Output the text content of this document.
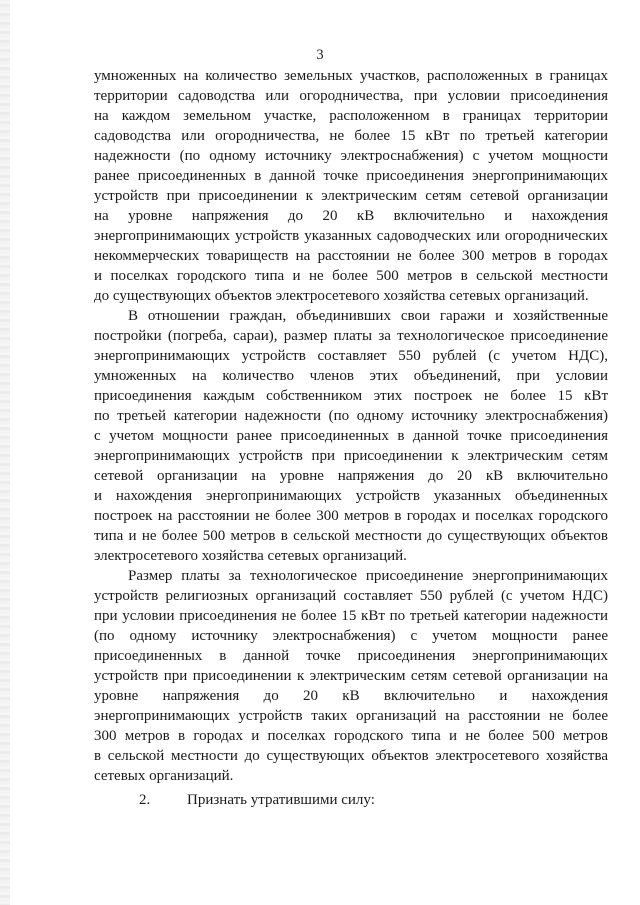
3
умноженных на количество земельных участков, расположенных в границах
территории садоводства или огородничества, при условии присоединения
на каждом земельном участке, расположенном в границах территории
садоводства или огородничества, не более 15 кВт по третьей категории
надежности (по одному источнику электроснабжения) с учетом мощности
ранее присоединенных в данной точке присоединения энергопринимающих
устройств при присоединении к электрическим сетям сетевой организации
на уровне напряжения до 20 кВ включительно и нахождения
энергопринимающих устройств указанных садоводческих или огороднических
некоммерческих товариществ на расстоянии не более 300 метров в городах
и поселках городского типа и не более 500 метров в сельской местности
до существующих объектов электросетевого хозяйства сетевых организаций.
В отношении граждан, объединивших свои гаражи и хозяйственные
постройки (погреба, сараи), размер платы за технологическое присоединение
энергопринимающих устройств составляет 550 рублей (с учетом НДС),
умноженных на количество членов этих объединений, при условии
присоединения каждым собственником этих построек не более 15 кВт
по третьей категории надежности (по одному источнику электроснабжения)
с учетом мощности ранее присоединенных в данной точке присоединения
энергопринимающих устройств при присоединении к электрическим сетям
сетевой организации на уровне напряжения до 20 кВ включительно
и нахождения энергопринимающих устройств указанных объединенных
построек на расстоянии не более 300 метров в городах и поселках городского
типа и не более 500 метров в сельской местности до существующих объектов
электросетевого хозяйства сетевых организаций.
Размер платы за технологическое присоединение энергопринимающих
устройств религиозных организаций составляет 550 рублей (с учетом НДС)
при условии присоединения не более 15 кВт по третьей категории надежности
(по одному источнику электроснабжения) с учетом мощности ранее
присоединенных в данной точке присоединения энергопринимающих
устройств при присоединении к электрическим сетям сетевой организации на
уровне напряжения до 20 кВ включительно и нахождения
энергопринимающих устройств таких организаций на расстоянии не более
300 метров в городах и поселках городского типа и не более 500 метров
в сельской местности до существующих объектов электросетевого хозяйства
сетевых организаций.
2. Признать утратившими силу:
